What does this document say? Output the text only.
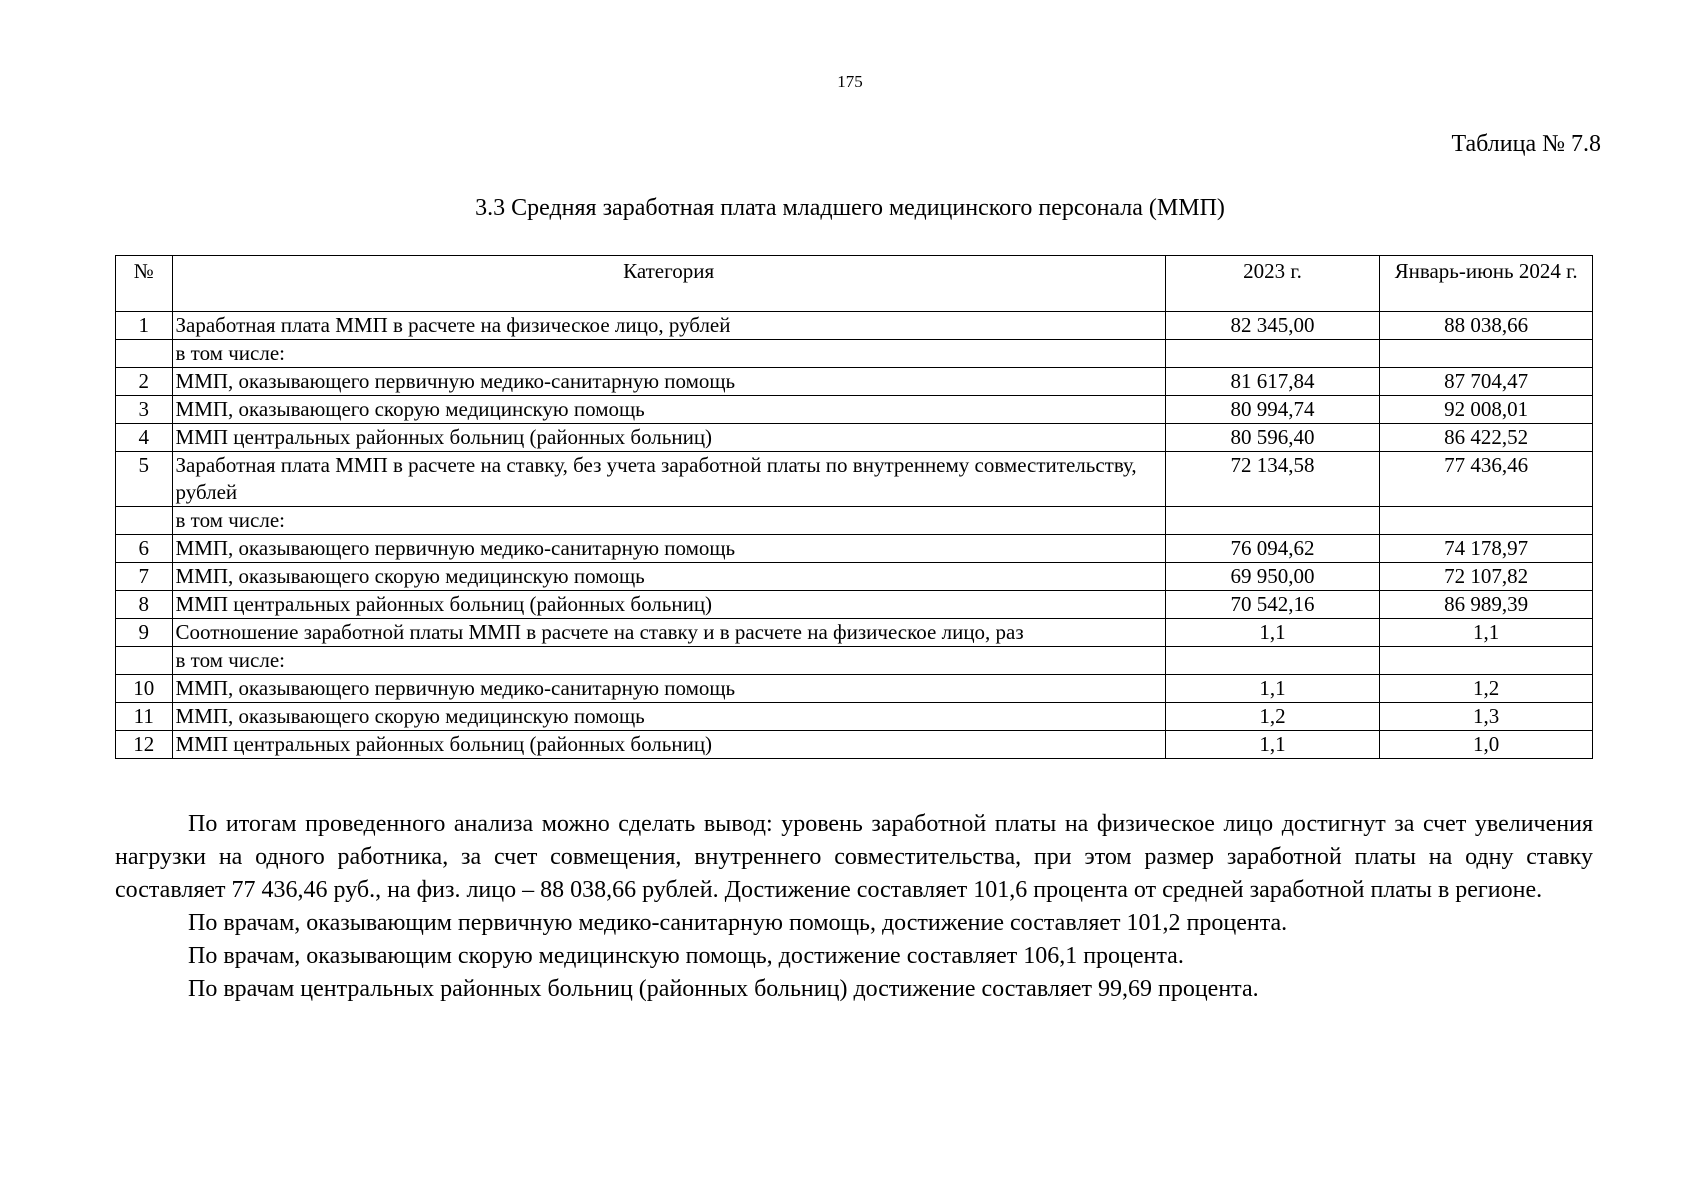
175
Таблица № 7.8
3.3 Средняя заработная плата младшего медицинского персонала (ММП)
№	Категория	2023 г.	Январь-июнь 2024 г.
1	Заработная плата ММП в расчете на физическое лицо, рублей	82 345,00	88 038,66
	в том числе:		
2	ММП, оказывающего первичную медико-санитарную помощь	81 617,84	87 704,47
3	ММП, оказывающего скорую медицинскую помощь	80 994,74	92 008,01
4	ММП центральных районных больниц (районных больниц)	80 596,40	86 422,52
5	Заработная плата ММП в расчете на ставку, без учета заработной платы по внутреннему совместительству, рублей	72 134,58	77 436,46
	в том числе:		
6	ММП, оказывающего первичную медико-санитарную помощь	76 094,62	74 178,97
7	ММП, оказывающего скорую медицинскую помощь	69 950,00	72 107,82
8	ММП центральных районных больниц (районных больниц)	70 542,16	86 989,39
9	Соотношение заработной платы ММП в расчете на ставку и в расчете на физическое лицо, раз	1,1	1,1
	в том числе:		
10	ММП, оказывающего первичную медико-санитарную помощь	1,1	1,2
11	ММП, оказывающего скорую медицинскую помощь	1,2	1,3
12	ММП центральных районных больниц (районных больниц)	1,1	1,0

По итогам проведенного анализа можно сделать вывод: уровень заработной платы на физическое лицо достигнут за счет увеличения нагрузки на одного работника, за счет совмещения, внутреннего совместительства, при этом размер заработной платы на одну ставку составляет 77 436,46 руб., на физ. лицо – 88 038,66 рублей. Достижение составляет 101,6 процента от средней заработной платы в регионе.

По врачам, оказывающим первичную медико-санитарную помощь, достижение составляет 101,2 процента.

По врачам, оказывающим скорую медицинскую помощь, достижение составляет 106,1 процента.

По врачам центральных районных больниц (районных больниц) достижение составляет 99,69 процента.
